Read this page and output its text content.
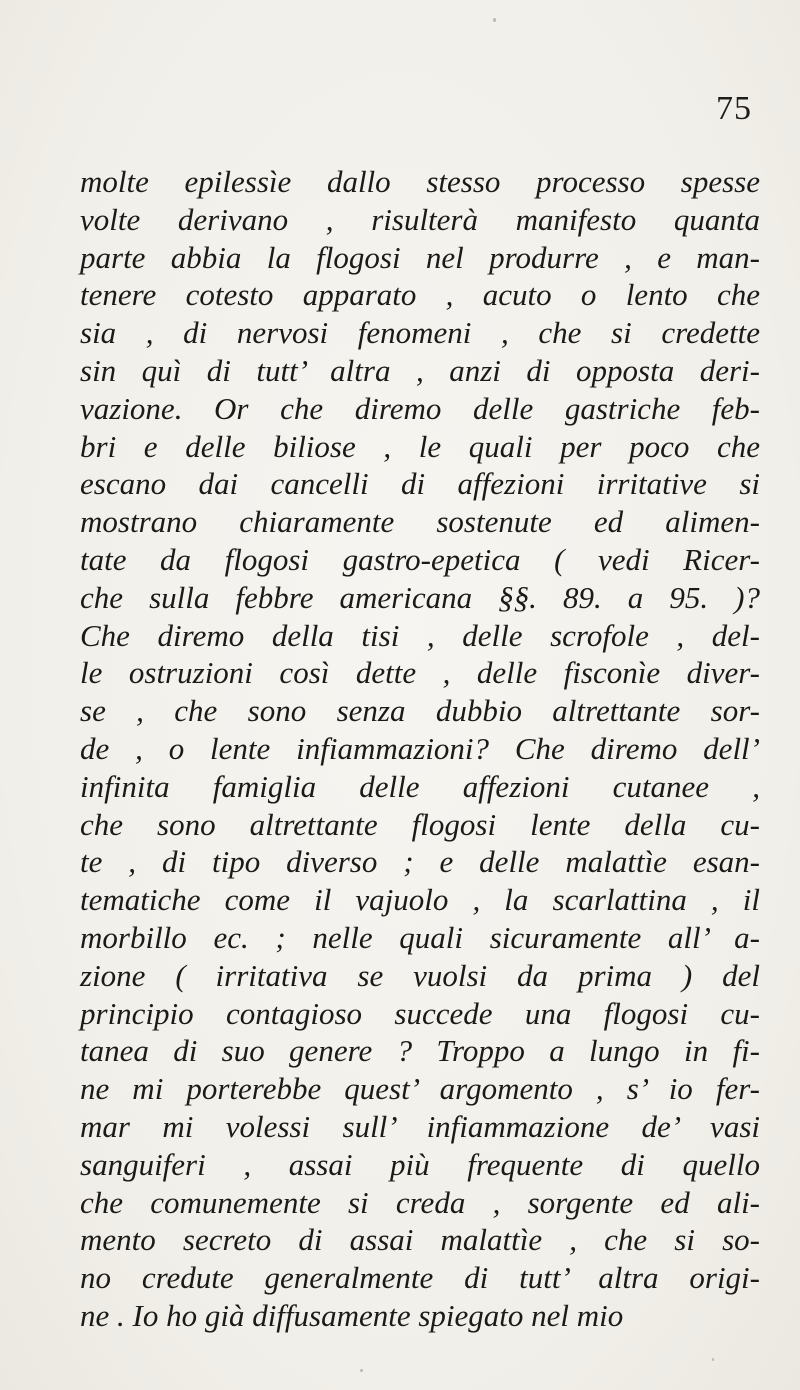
75
molte epilessìe dallo stesso processo spesse
volte derivano , risulterà manifesto quanta
parte abbia la flogosi nel produrre , e man-
tenere cotesto apparato , acuto o lento che
sia , di nervosi fenomeni , che si credette
sin quì di tutt’ altra , anzi di opposta deri-
vazione. Or che diremo delle gastriche feb-
bri e delle biliose , le quali per poco che
escano dai cancelli di affezioni irritative si
mostrano chiaramente sostenute ed alimen-
tate da flogosi gastro-epetica ( vedi Ricer-
che sulla febbre americana §§. 89. a 95. )?
Che diremo della tisi , delle scrofole , del-
le ostruzioni così dette , delle fisconìe diver-
se , che sono senza dubbio altrettante sor-
de , o lente infiammazioni? Che diremo dell’
infinita famiglia delle affezioni cutanee ,
che sono altrettante flogosi lente della cu-
te , di tipo diverso ; e delle malattìe esan-
tematiche come il vajuolo , la scarlattina , il
morbillo ec. ; nelle quali sicuramente all’ a-
zione ( irritativa se vuolsi da prima ) del
principio contagioso succede una flogosi cu-
tanea di suo genere ? Troppo a lungo in fi-
ne mi porterebbe quest’ argomento , s’ io fer-
mar mi volessi sull’ infiammazione de’ vasi
sanguiferi , assai più frequente di quello
che comunemente si creda , sorgente ed ali-
mento secreto di assai malattìe , che si so-
no credute generalmente di tutt’ altra origi-
ne . Io ho già diffusamente spiegato nel mio
